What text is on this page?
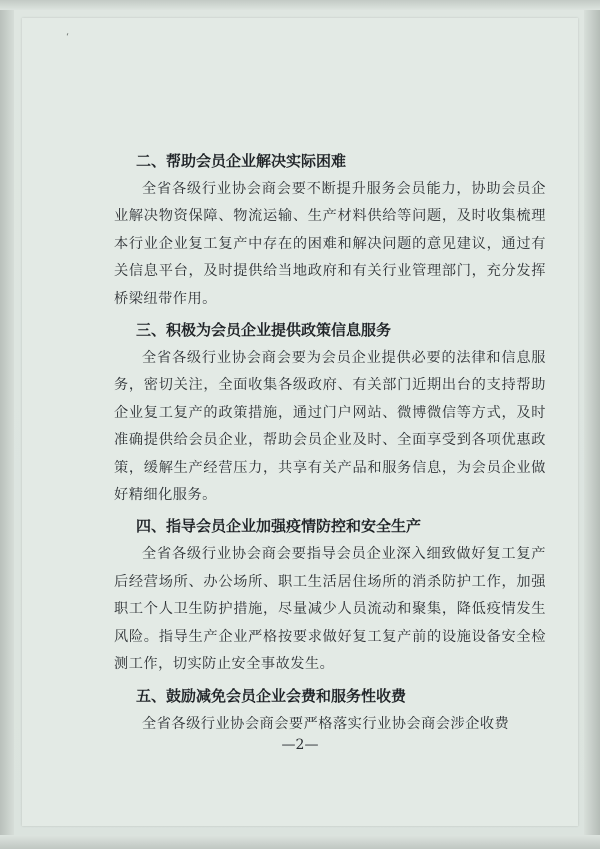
‘

二、帮助会员企业解决实际困难

全省各级行业协会商会要不断提升服务会员能力，协助会员企业解决物资保障、物流运输、生产材料供给等问题，及时收集梳理本行业企业复工复产中存在的困难和解决问题的意见建议，通过有关信息平台，及时提供给当地政府和有关行业管理部门，充分发挥桥梁纽带作用。

三、积极为会员企业提供政策信息服务

全省各级行业协会商会要为会员企业提供必要的法律和信息服务，密切关注，全面收集各级政府、有关部门近期出台的支持帮助企业复工复产的政策措施，通过门户网站、微博微信等方式，及时准确提供给会员企业，帮助会员企业及时、全面享受到各项优惠政策，缓解生产经营压力，共享有关产品和服务信息，为会员企业做好精细化服务。

四、指导会员企业加强疫情防控和安全生产

全省各级行业协会商会要指导会员企业深入细致做好复工复产后经营场所、办公场所、职工生活居住场所的消杀防护工作，加强职工个人卫生防护措施，尽量减少人员流动和聚集，降低疫情发生风险。指导生产企业严格按要求做好复工复产前的设施设备安全检测工作，切实防止安全事故发生。

五、鼓励减免会员企业会费和服务性收费

全省各级行业协会商会要严格落实行业协会商会涉企收费

—2—
